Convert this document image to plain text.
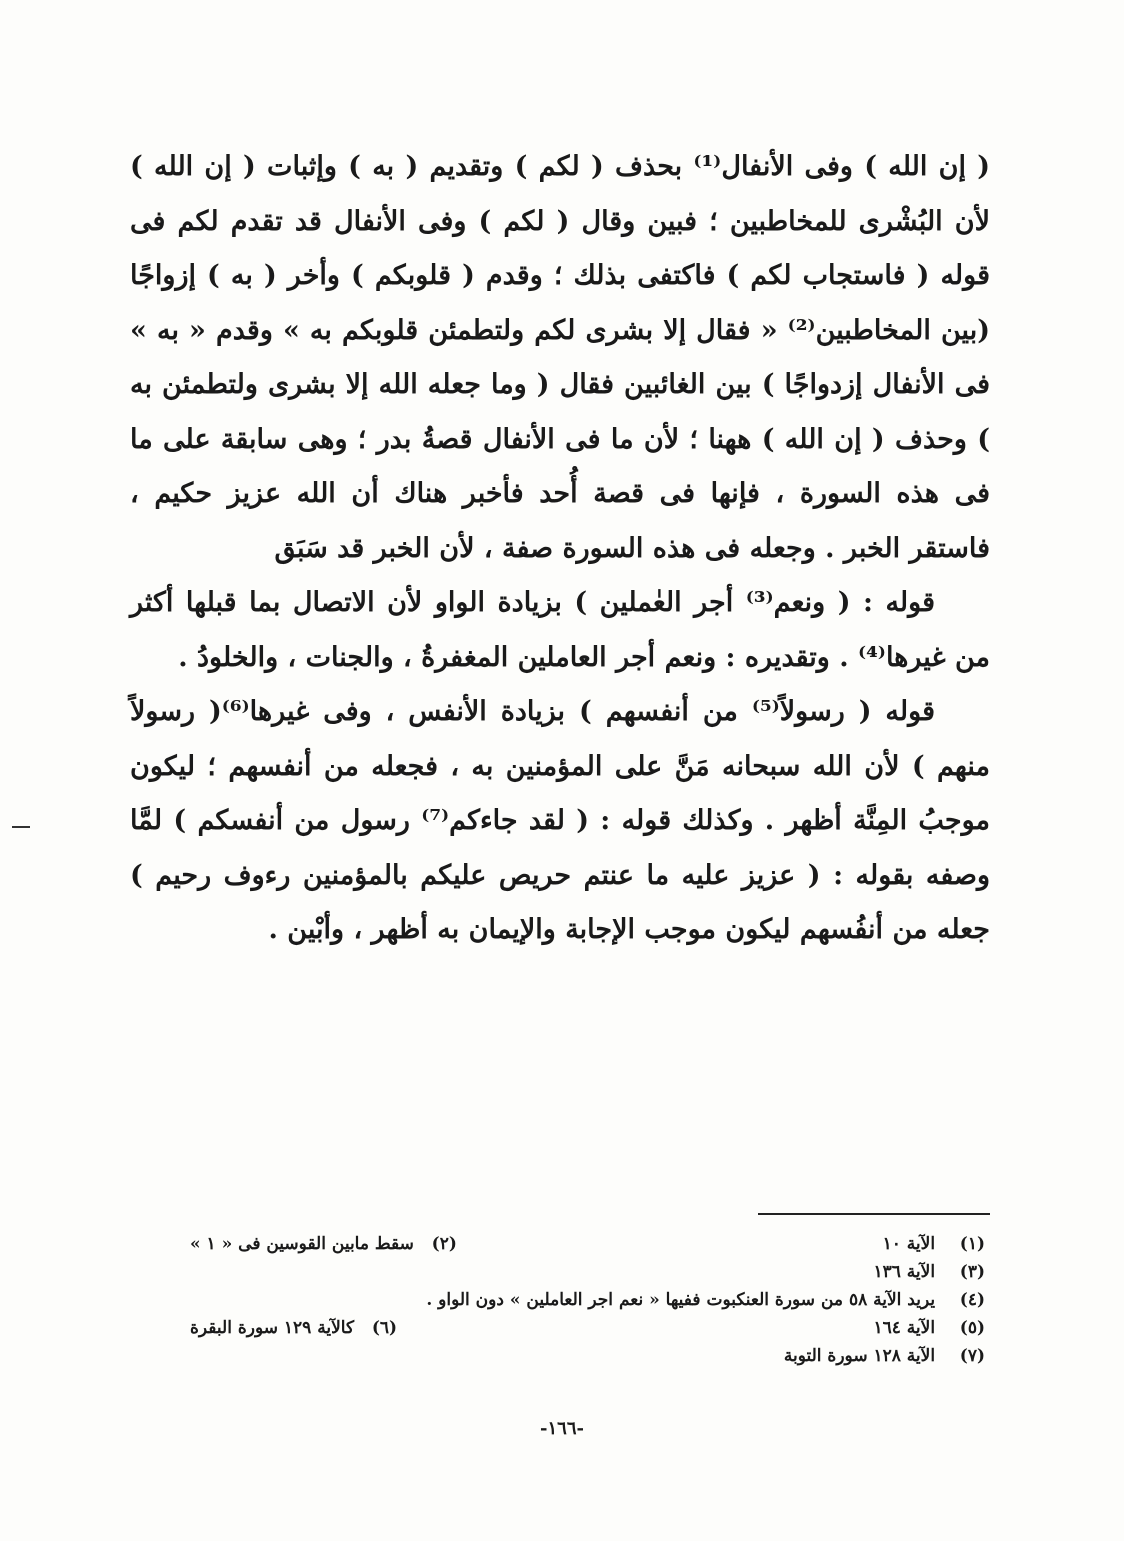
( إن الله ) وفى الأنفال⁽¹⁾ بحذف ( لكم ) وتقديم ( به ) وإثبات ( إن الله ) لأن البُشْرى للمخاطبين ؛ فبين وقال ( لكم ) وفى الأنفال قد تقدم لكم فى قوله ( فاستجاب لكم ) فاكتفى بذلك ؛ وقدم ( قلوبكم ) وأخر ( به ) إزواجًا (بين المخاطبين⁽²⁾ « فقال إلا بشرى لكم ولتطمئن قلوبكم به » وقدم « به » فى الأنفال إزدواجًا ) بين الغائبين فقال ( وما جعله الله إلا بشرى ولتطمئن به ) وحذف ( إن الله ) ههنا ؛ لأن ما فى الأنفال قصةُ بدر ؛ وهى سابقة على ما فى هذه السورة ، فإنها فى قصة أُحد فأخبر هناك أن الله عزيز حكيم ، فاستقر الخبر . وجعله فى هذه السورة صفة ، لأن الخبر قد سَبَق

قوله : ( ونعم⁽³⁾ أجر العٰملين ) بزيادة الواو لأن الاتصال بما قبلها أكثر من غيرها⁽⁴⁾ . وتقديره : ونعم أجر العاملين المغفرةُ ، والجنات ، والخلودُ .

قوله ( رسولاً⁽⁵⁾ من أنفسهم ) بزيادة الأنفس ، وفى غيرها⁽⁶⁾( رسولاً منهم ) لأن الله سبحانه مَنَّ على المؤمنين به ، فجعله من أنفسهم ؛ ليكون موجبُ المِنَّة أظهر . وكذلك قوله : ( لقد جاءكم⁽⁷⁾ رسول من أنفسكم ) لمَّا وصفه بقوله : ( عزيز عليه ما عنتم حريص عليكم بالمؤمنين رءوف رحيم ) جعله من أنفُسهم ليكون موجب الإجابة والإيمان به أظهر ، وأبْين .

(١) الآية ١٠
(٢)   سقط مابين القوسين فى « ١ »
(٣) الآية ١٣٦
(٤) يريد الآية ٥٨ من سورة العنكبوت ففيها « نعم اجر العاملين » دون الواو .
(٥) الآية ١٦٤
(٦)   كالآية ١٢٩ سورة البقرة
(٧) الآية ١٢٨ سورة التوبة
-١٦٦-
